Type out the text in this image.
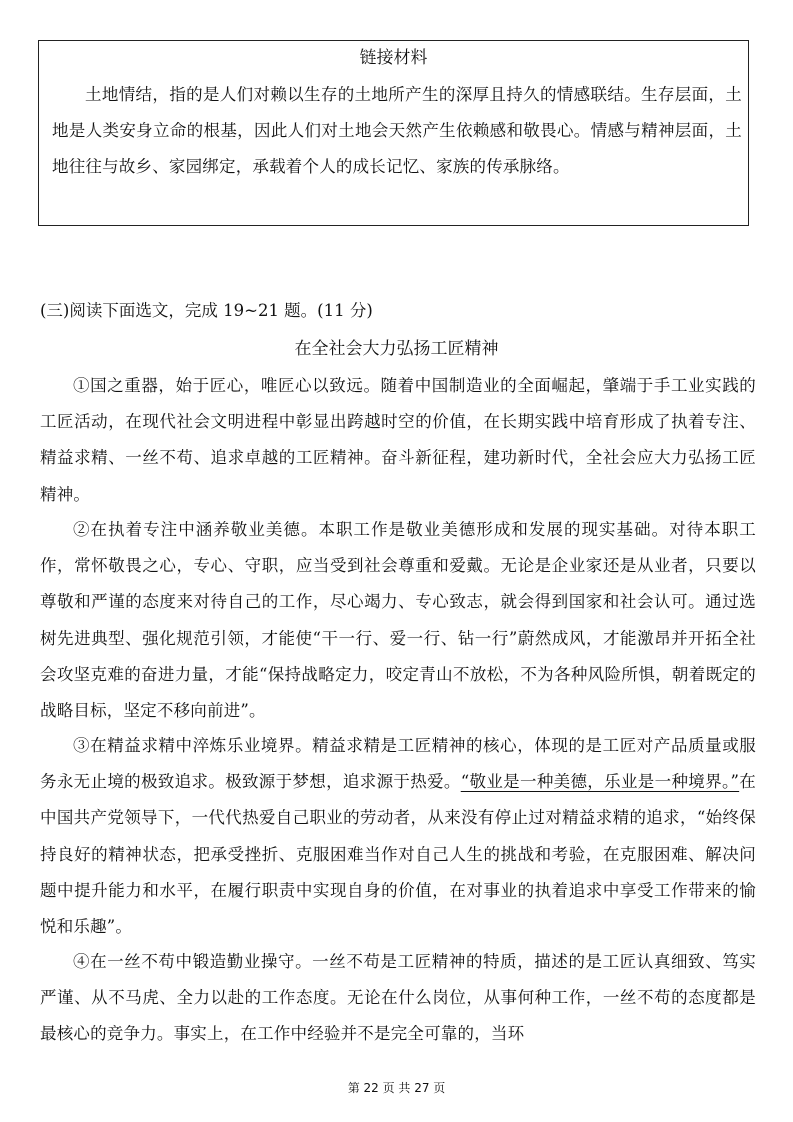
链接材料
土地情结，指的是人们对赖以生存的土地所产生的深厚且持久的情感联结。生存层面，土地是人类安身立命的根基，因此人们对土地会天然产生依赖感和敬畏心。情感与精神层面，土地往往与故乡、家园绑定，承载着个人的成长记忆、家族的传承脉络。
(三)阅读下面选文，完成 19~21 题。(11 分)
在全社会大力弘扬工匠精神
①国之重器，始于匠心，唯匠心以致远。随着中国制造业的全面崛起，肇端于手工业实践的工匠活动，在现代社会文明进程中彰显出跨越时空的价值，在长期实践中培育形成了执着专注、精益求精、一丝不苟、追求卓越的工匠精神。奋斗新征程，建功新时代，全社会应大力弘扬工匠精神。
②在执着专注中涵养敬业美德。本职工作是敬业美德形成和发展的现实基础。对待本职工作，常怀敬畏之心，专心、守职，应当受到社会尊重和爱戴。无论是企业家还是从业者，只要以尊敬和严谨的态度来对待自己的工作，尽心竭力、专心致志，就会得到国家和社会认可。通过选树先进典型、强化规范引领，才能使“干一行、爱一行、钻一行”蔚然成风，才能激昂并开拓全社会攻坚克难的奋进力量，才能“保持战略定力，咬定青山不放松，不为各种风险所惧，朝着既定的战略目标，坚定不移向前进”。
③在精益求精中淬炼乐业境界。精益求精是工匠精神的核心，体现的是工匠对产品质量或服务永无止境的极致追求。极致源于梦想，追求源于热爱。“敬业是一种美德，乐业是一种境界。”在中国共产党领导下，一代代热爱自己职业的劳动者，从来没有停止过对精益求精的追求，“始终保持良好的精神状态，把承受挫折、克服困难当作对自己人生的挑战和考验，在克服困难、解决问题中提升能力和水平，在履行职责中实现自身的价值，在对事业的执着追求中享受工作带来的愉悦和乐趣”。
④在一丝不苟中锻造勤业操守。一丝不苟是工匠精神的特质，描述的是工匠认真细致、笃实严谨、从不马虎、全力以赴的工作态度。无论在什么岗位，从事何种工作，一丝不苟的态度都是最核心的竞争力。事实上，在工作中经验并不是完全可靠的，当环
第 22 页 共 27 页
